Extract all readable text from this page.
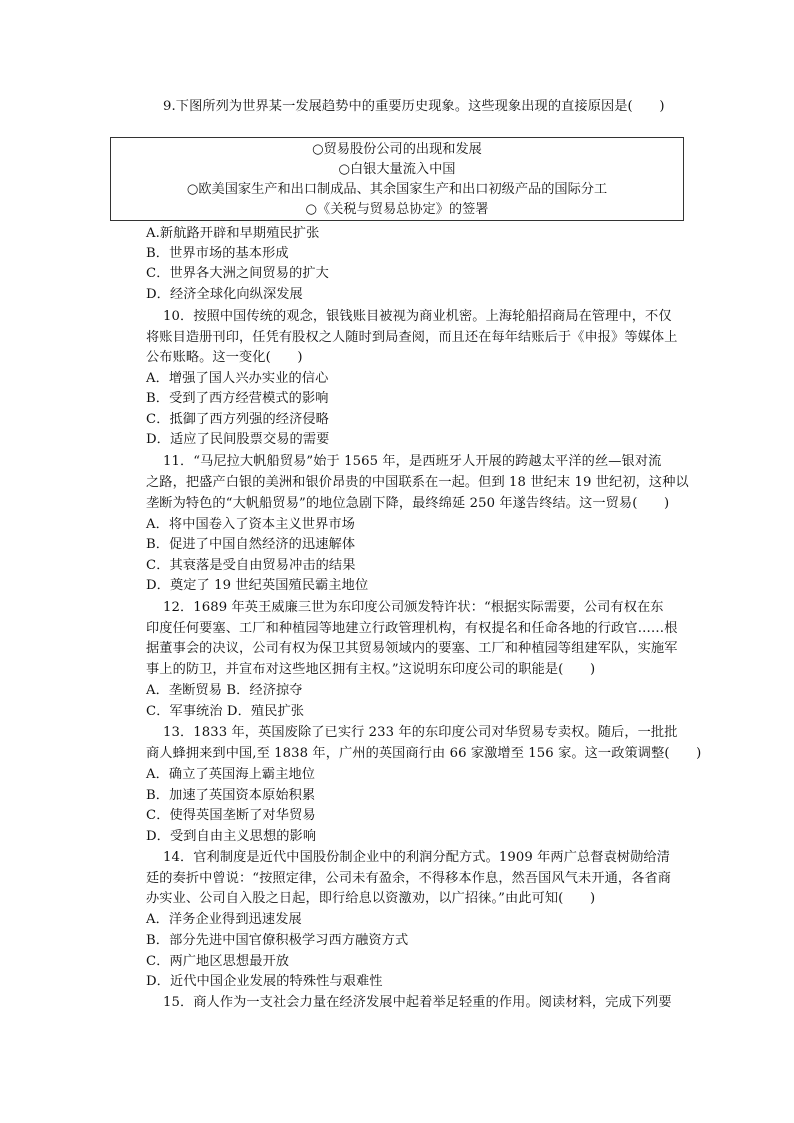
9.下图所列为世界某一发展趋势中的重要历史现象。这些现象出现的直接原因是(　　)
○贸易股份公司的出现和发展
○白银大量流入中国
○欧美国家生产和出口制成品、其余国家生产和出口初级产品的国际分工
○《关税与贸易总协定》的签署
A.新航路开辟和早期殖民扩张
B．世界市场的基本形成
C．世界各大洲之间贸易的扩大
D．经济全球化向纵深发展
10．按照中国传统的观念，银钱账目被视为商业机密。上海轮船招商局在管理中，不仅
将账目造册刊印，任凭有股权之人随时到局查阅，而且还在每年结账后于《申报》等媒体上
公布账略。这一变化(　　)
A．增强了国人兴办实业的信心
B．受到了西方经营模式的影响
C．抵御了西方列强的经济侵略
D．适应了民间股票交易的需要
11．“马尼拉大帆船贸易”始于 1565 年，是西班牙人开展的跨越太平洋的丝—银对流
之路，把盛产白银的美洲和银价昂贵的中国联系在一起。但到 18 世纪末 19 世纪初，这种以
垄断为特色的“大帆船贸易”的地位急剧下降，最终绵延 250 年遂告终结。这一贸易(　　)
A．将中国卷入了资本主义世界市场
B．促进了中国自然经济的迅速解体
C．其衰落是受自由贸易冲击的结果
D．奠定了 19 世纪英国殖民霸主地位
12．1689 年英王威廉三世为东印度公司颁发特许状：“根据实际需要，公司有权在东
印度任何要塞、工厂和种植园等地建立行政管理机构，有权提名和任命各地的行政官……根
据董事会的决议，公司有权为保卫其贸易领域内的要塞、工厂和种植园等组建军队，实施军
事上的防卫，并宣布对这些地区拥有主权。”这说明东印度公司的职能是(　　)
A．垄断贸易 B．经济掠夺
C．军事统治 D．殖民扩张
13．1833 年，英国废除了已实行 233 年的东印度公司对华贸易专卖权。随后，一批批
商人蜂拥来到中国,至 1838 年，广州的英国商行由 66 家激增至 156 家。这一政策调整(　　)
A．确立了英国海上霸主地位
B．加速了英国资本原始积累
C．使得英国垄断了对华贸易
D．受到自由主义思想的影响
14．官利制度是近代中国股份制企业中的利润分配方式。1909 年两广总督袁树勋给清
廷的奏折中曾说：“按照定律，公司未有盈余，不得移本作息，然吾国风气未开通，各省商
办实业、公司自入股之日起，即行给息以资激劝，以广招徕。”由此可知(　　)
A．洋务企业得到迅速发展
B．部分先进中国官僚积极学习西方融资方式
C．两广地区思想最开放
D．近代中国企业发展的特殊性与艰难性
15．商人作为一支社会力量在经济发展中起着举足轻重的作用。阅读材料，完成下列要
